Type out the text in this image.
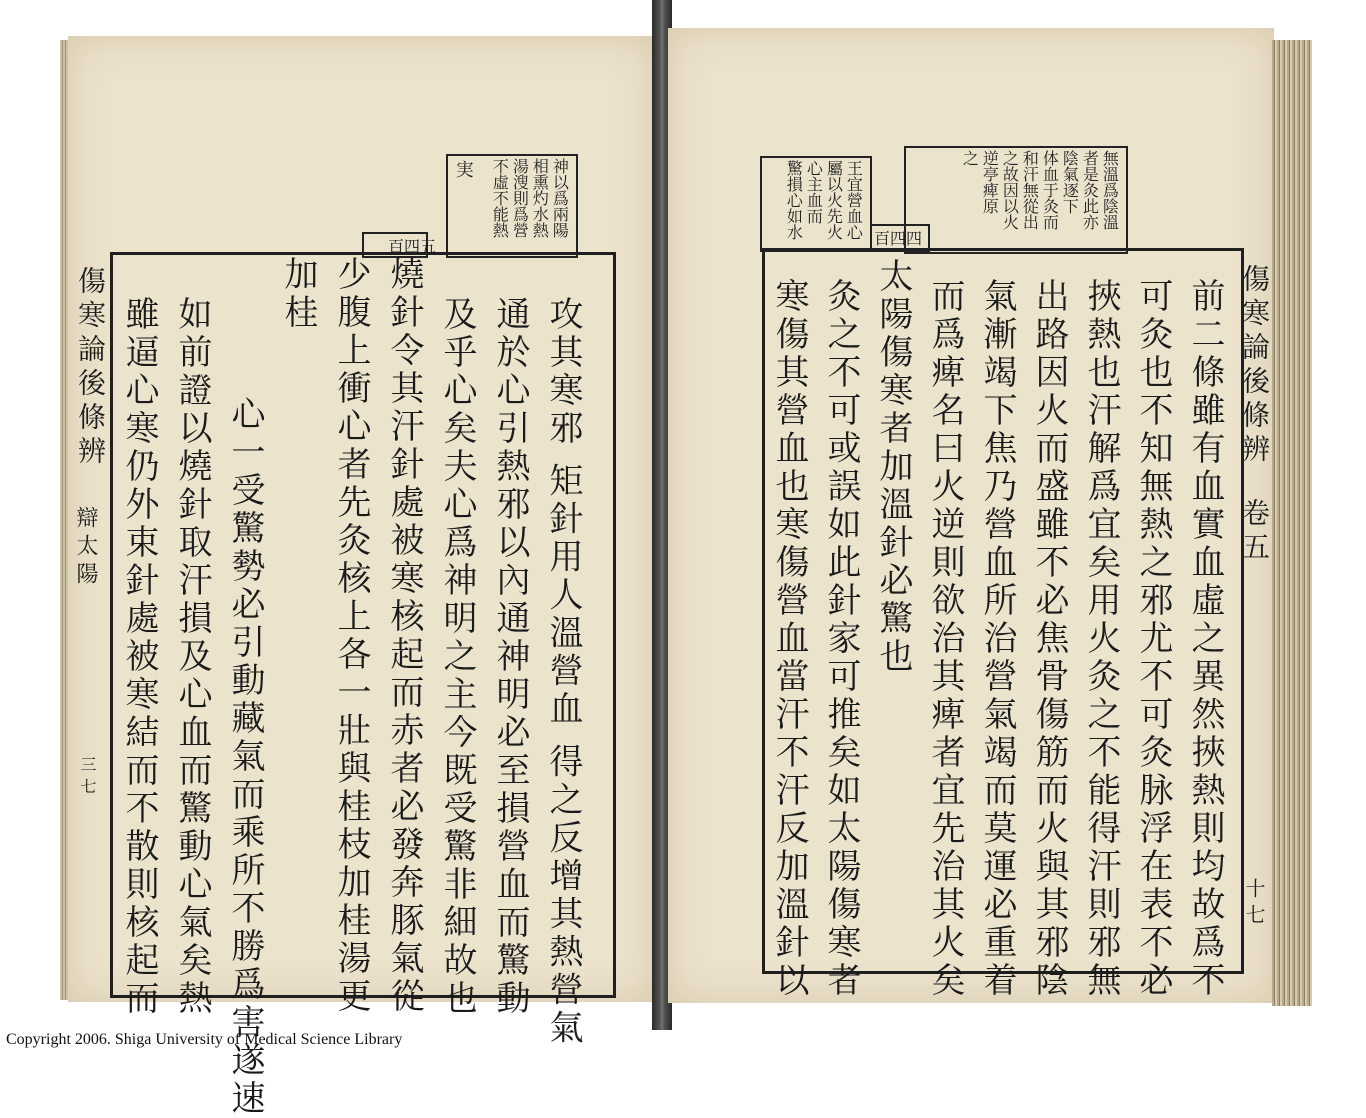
傷寒論後條辨
辯太陽
三七	攻其寒邪 矩針用人溫營血 得之反增其熱營氣
通於心引熱邪以內通神明必至損營血而驚動
及乎心矣夫心爲神明之主今既受驚非細故也
燒針令其汗針處被寒核起而赤者必發奔豚氣從
少腹上衝心者先灸核上各一壯與桂枝加桂湯更
加桂
心一受驚勢必引動藏氣而乘所不勝爲害遂速
如前證以燒針取汗損及心血而驚動心氣矣熱
雖逼心寒仍外束針處被寒結而不散則核起而
神以爲兩陽
相熏灼水熱
湯溲則爲營
不虛不能熱
実
百四五
傷寒論後條辨
卷五
十七
前二條雖有血實血虛之異然挾熱則均故爲不
可灸也不知無熱之邪尤不可灸脉浮在表不必
挾熱也汗解爲宜矣用火灸之不能得汗則邪無
出路因火而盛雖不必焦骨傷筋而火與其邪陰
氣漸竭下焦乃營血所治營氣竭而莫運必重着
而爲痺名曰火逆則欲治其痺者宜先治其火矣
太陽傷寒者加溫針必驚也
灸之不可或誤如此針家可推矣如太陽傷寒者
寒傷其營血也寒傷營血當汗不汗反加溫針以
無溫爲陰溫
者是灸此亦
陰氣逐下
体血于灸而
和汗無從出
之故因以火
逆亭痺原
之
百四四
王宜營血心
屬以火先火
心主血而
驚損心如水
Copyright 2006. Shiga University of Medical Science Library
